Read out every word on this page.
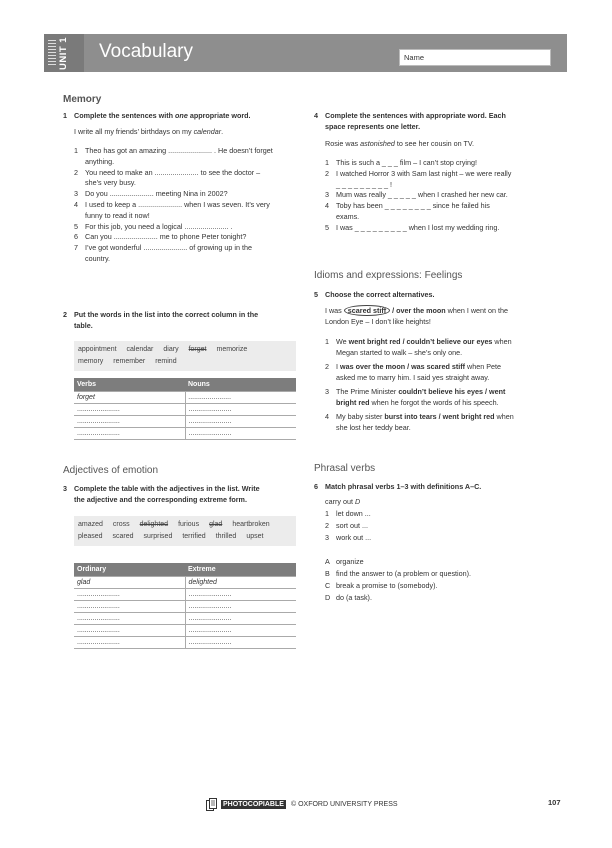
UNIT 1	Vocabulary	Name
Memory
1 Complete the sentences with one appropriate word.
I write all my friends’ birthdays on my calendar.
1 Theo has got an amazing ...................... . He doesn’t forget
anything.
2 You need to make an ...................... to see the doctor –
she’s very busy.
3 Do you ...................... meeting Nina in 2002?
4 I used to keep a ...................... when I was seven. It’s very
funny to read it now!
5 For this job, you need a logical ...................... .
6 Can you ...................... me to phone Peter tonight?
7 I’ve got wonderful ...................... of growing up in the
country.
2 Put the words in the list into the correct column in the
table.
appointment calendar diary forget memorize
memory remember remind
Verbs	Nouns
forget	......................
......................	......................
......................	......................
......................	......................
Adjectives of emotion
3 Complete the table with the adjectives in the list. Write
the adjective and the corresponding extreme form.
amazed cross delighted furious glad heartbroken
pleased scared surprised terrified thrilled upset
Ordinary	Extreme
glad	delighted
......................	......................
......................	......................
......................	......................
......................	......................
......................	......................
4 Complete the sentences with appropriate word. Each
space represents one letter.
Rosie was astonished to see her cousin on TV.
1 This is such a _ _ _ film – I can’t stop crying!
2 I watched Horror 3 with Sam last night – we were really
_ _ _ _ _ _ _ _ _ !
3 Mum was really _ _ _ _ _ when I crashed her new car.
4 Toby has been _ _ _ _ _ _ _ _ since he failed his
exams.
5 I was _ _ _ _ _ _ _ _ _ when I lost my wedding ring.
Idioms and expressions: Feelings
5 Choose the correct alternatives.
I was scared stiff / over the moon when I went on the
London Eye – I don’t like heights!
1 We went bright red / couldn’t believe our eyes when
Megan started to walk – she’s only one.
2 I was over the moon / was scared stiff when Pete
asked me to marry him. I said yes straight away.
3 The Prime Minister couldn’t believe his eyes / went
bright red when he forgot the words of his speech.
4 My baby sister burst into tears / went bright red when
she lost her teddy bear.
Phrasal verbs
6 Match phrasal verbs 1–3 with definitions A–C.
carry out D
1 let down ...
2 sort out ...
3 work out ...
A organize
B find the answer to (a problem or question).
C break a promise to (somebody).
D do (a task).
PHOTOCOPIABLE © OXFORD UNIVERSITY PRESS	107
